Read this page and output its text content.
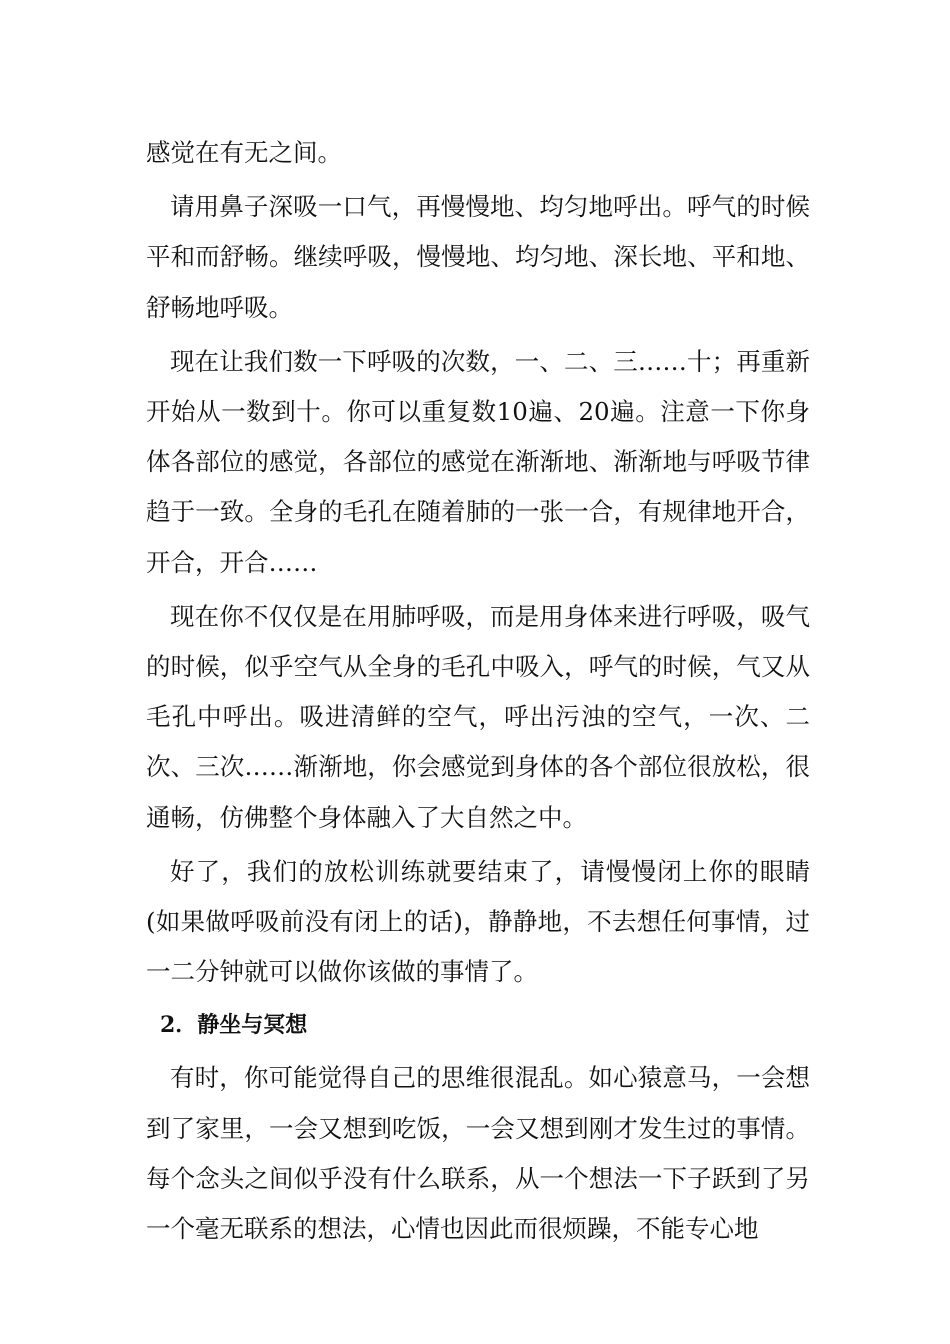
感觉在有无之间。

请用鼻子深吸一口气，再慢慢地、均匀地呼出。呼气的时候平和而舒畅。继续呼吸，慢慢地、均匀地、深长地、平和地、舒畅地呼吸。

现在让我们数一下呼吸的次数，一、二、三……十；再重新开始从一数到十。你可以重复数10遍、20遍。注意一下你身体各部位的感觉，各部位的感觉在渐渐地、渐渐地与呼吸节律趋于一致。全身的毛孔在随着肺的一张一合，有规律地开合，开合，开合……

现在你不仅仅是在用肺呼吸，而是用身体来进行呼吸，吸气的时候，似乎空气从全身的毛孔中吸入，呼气的时候，气又从毛孔中呼出。吸进清鲜的空气，呼出污浊的空气，一次、二次、三次……渐渐地，你会感觉到身体的各个部位很放松，很通畅，仿佛整个身体融入了大自然之中。

好了，我们的放松训练就要结束了，请慢慢闭上你的眼睛(如果做呼吸前没有闭上的话)，静静地，不去想任何事情，过一二分钟就可以做你该做的事情了。

2．静坐与冥想

有时，你可能觉得自己的思维很混乱。如心猿意马，一会想到了家里，一会又想到吃饭，一会又想到刚才发生过的事情。每个念头之间似乎没有什么联系，从一个想法一下子跃到了另一个毫无联系的想法，心情也因此而很烦躁，不能专心地
